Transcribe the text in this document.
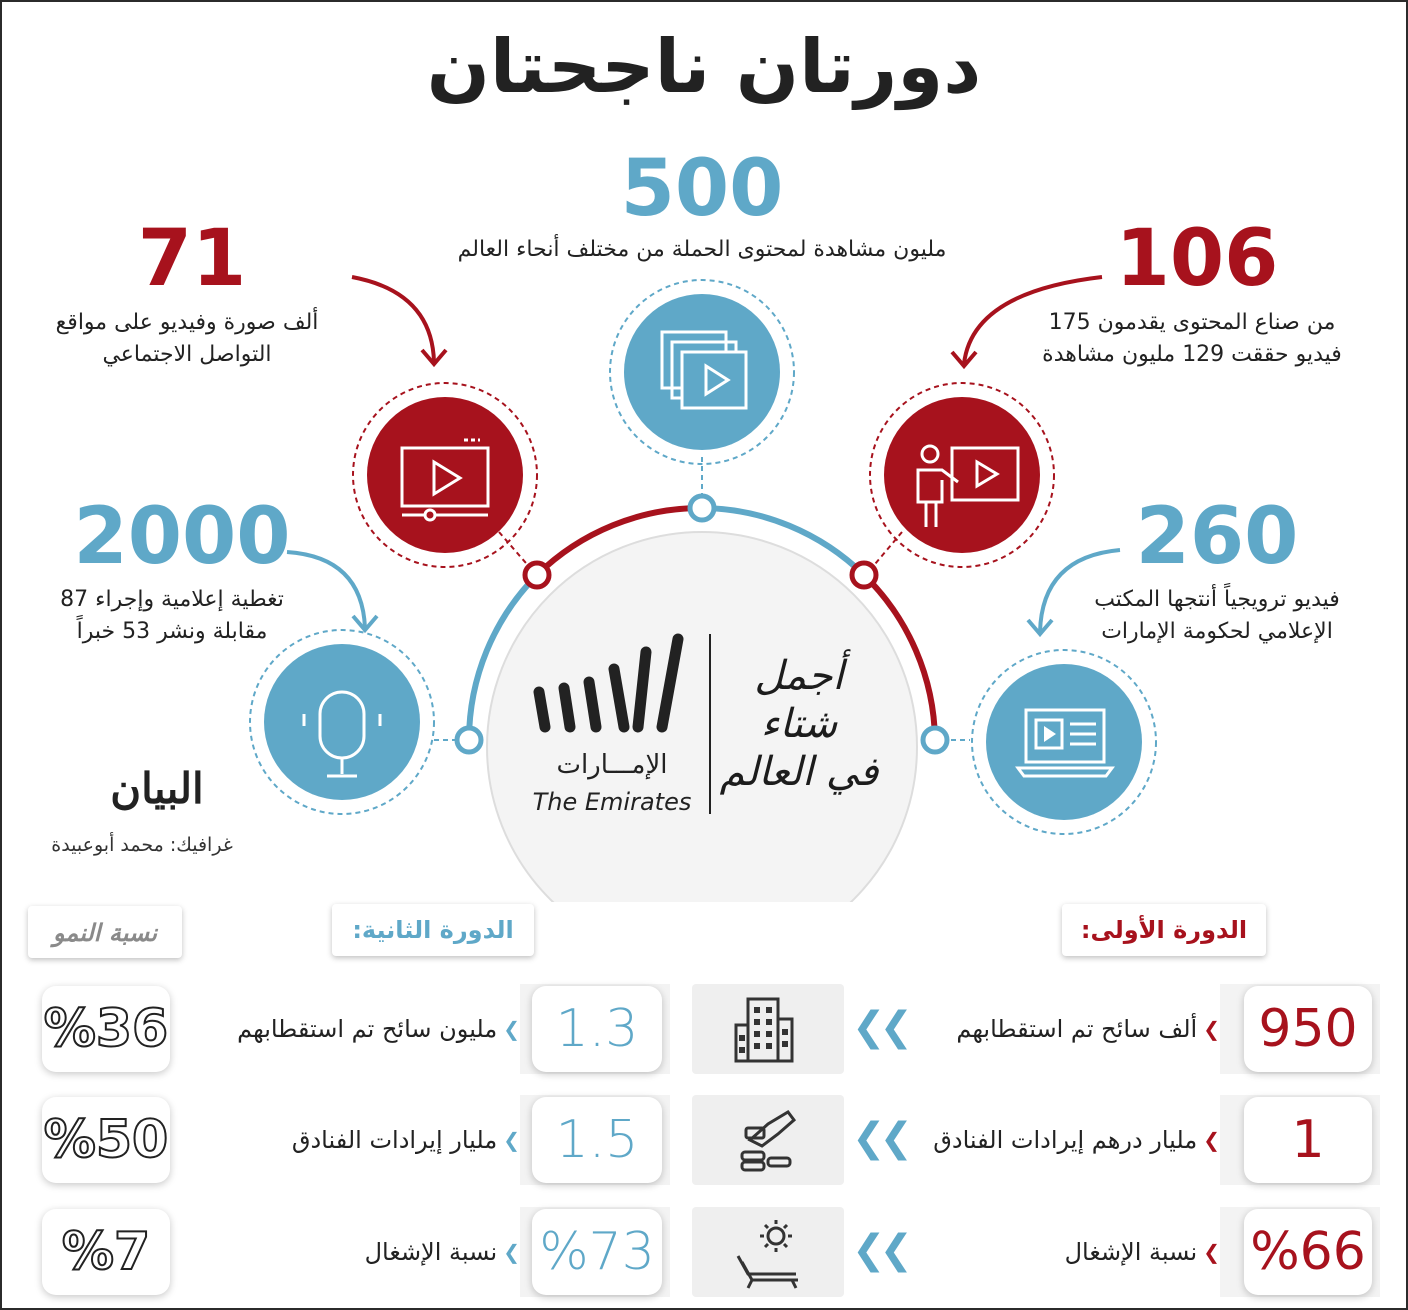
دورتان ناجحتان
500
مليون مشاهدة لمحتوى الحملة من مختلف أنحاء العالم
71
ألف صورة وفيديو على مواقع
التواصل الاجتماعي
106
من صناع المحتوى يقدمون 175
فيديو حققت 129 مليون مشاهدة
2000
تغطية إعلامية وإجراء 87
مقابلة ونشر 53 خبراً
260
فيديو ترويجياً أنتجها المكتب
الإعلامي لحكومة الإمارات
أجمل
شتاء
في العالم
الإمـــارات
The Emirates
البيان
غرافيك: محمد أبوعبيدة
الدورة الأولى:
الدورة الثانية:
نسبة النمو
950
❯
ألف سائح تم استقطابهم
❮❮
1.3
❯
مليون سائح تم استقطابهم
%36
1
❯
مليار درهم إيرادات الفنادق
❮❮
1.5
❯
مليار إيرادات الفنادق
%50
%66
❯
نسبة الإشغال
❮❮
%73
❯
نسبة الإشغال
%7
